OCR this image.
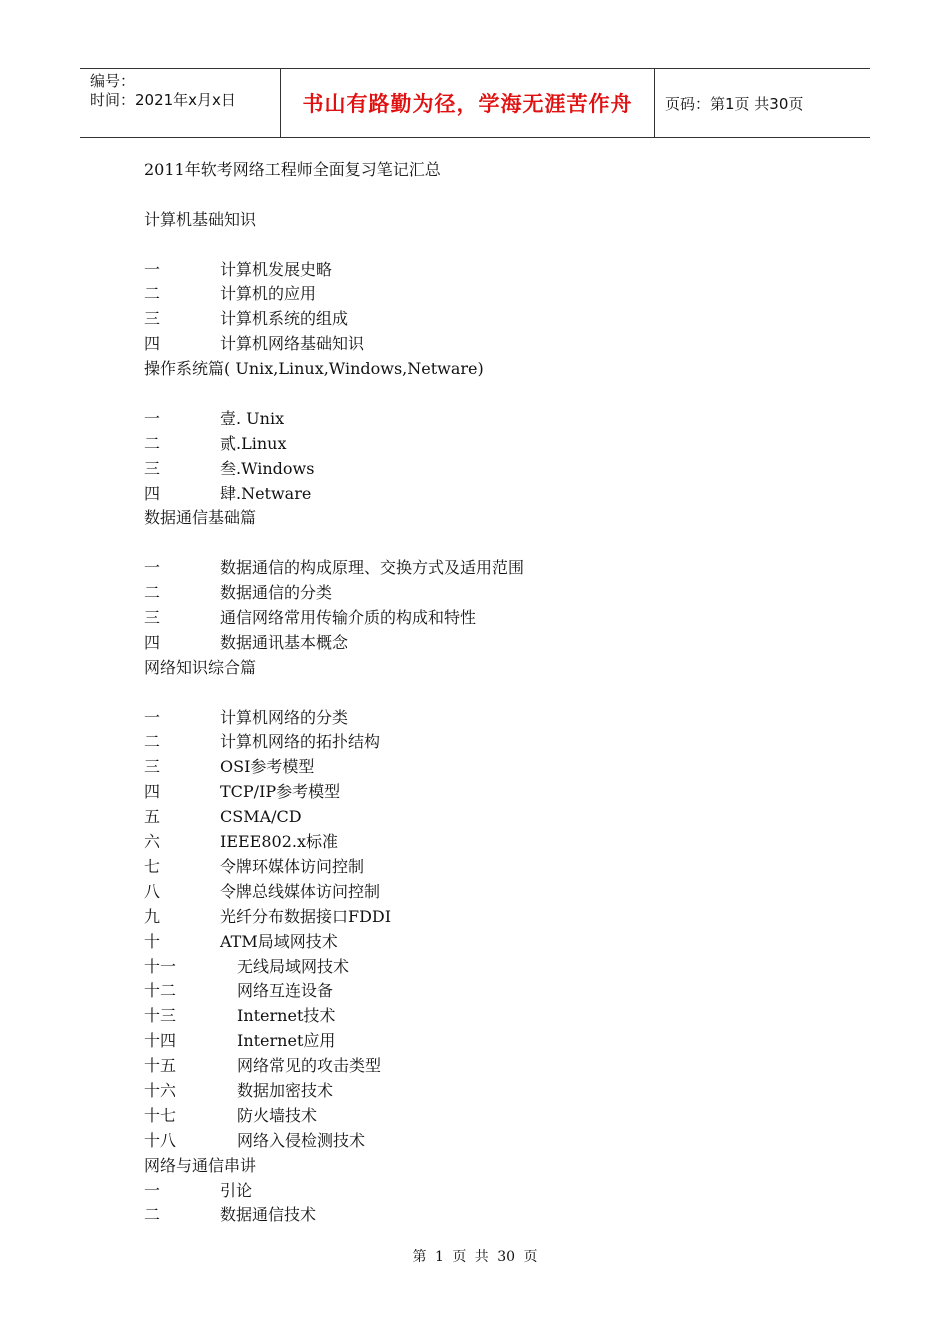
编号：
时间：2021年x月x日	书山有路勤为径，学海无涯苦作舟 页码：第1页 共30页
2011年软考网络工程师全面复习笔记汇总
计算机基础知识
一	计算机发展史略
二	计算机的应用
三	计算机系统的组成
四	计算机网络基础知识
操作系统篇( Unix,Linux,Windows,Netware)
一	壹. Unix
二	贰.Linux
三	叁.Windows
四	肆.Netware
数据通信基础篇
一	数据通信的构成原理、交换方式及适用范围
二	数据通信的分类
三	通信网络常用传输介质的构成和特性
四	数据通讯基本概念
网络知识综合篇
一	计算机网络的分类
二	计算机网络的拓扑结构
三	OSI参考模型
四	TCP/IP参考模型
五	CSMA/CD
六	IEEE802.x标准
七	令牌环媒体访问控制
八	令牌总线媒体访问控制
九	光纤分布数据接口FDDI
十	ATM局域网技术
十一	无线局域网技术
十二	网络互连设备
十三	Internet技术
十四	Internet应用
十五	网络常见的攻击类型
十六	数据加密技术
十七	防火墙技术
十八	网络入侵检测技术
网络与通信串讲
一	引论
二	数据通信技术
第 1 页 共 30 页
